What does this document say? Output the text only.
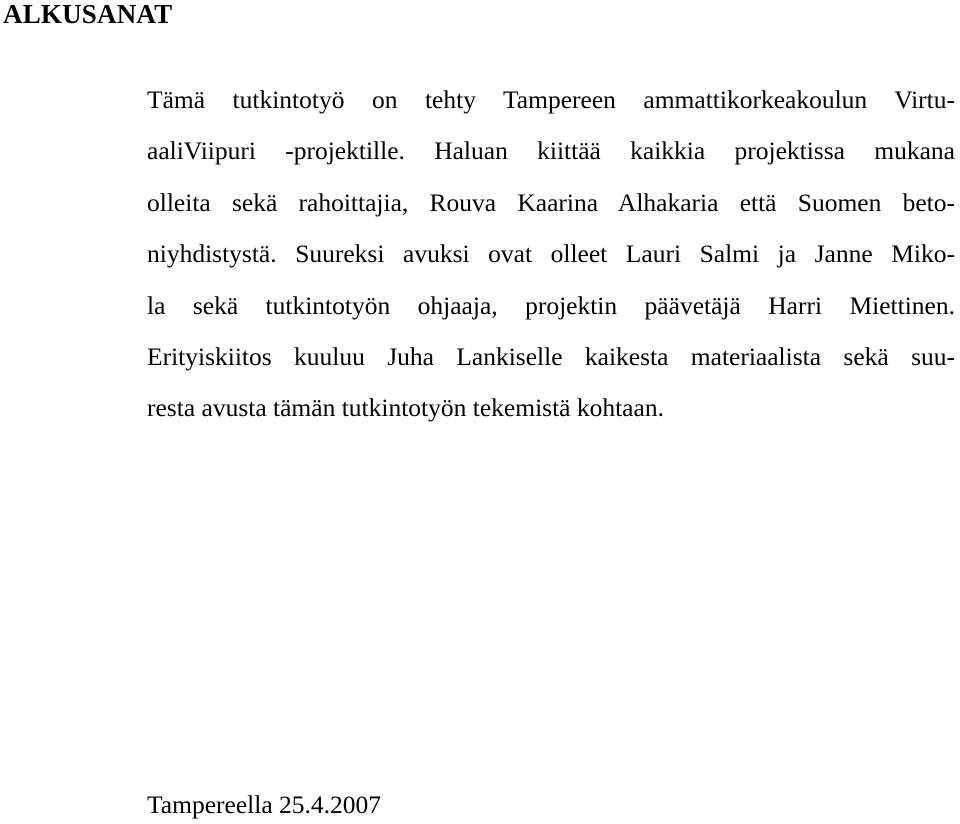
ALKUSANAT
Tämä tutkintotyö on tehty Tampereen ammattikorkeakoulun Virtu-
aaliViipuri -projektille. Haluan kiittää kaikkia projektissa mukana
olleita sekä rahoittajia, Rouva Kaarina Alhakaria että Suomen beto-
niyhdistystä. Suureksi avuksi ovat olleet Lauri Salmi ja Janne Miko-
la sekä tutkintotyön ohjaaja, projektin päävetäjä Harri Miettinen.
Erityiskiitos kuuluu Juha Lankiselle kaikesta materiaalista sekä suu-
resta avusta tämän tutkintotyön tekemistä kohtaan.

Tampereella 25.4.2007
